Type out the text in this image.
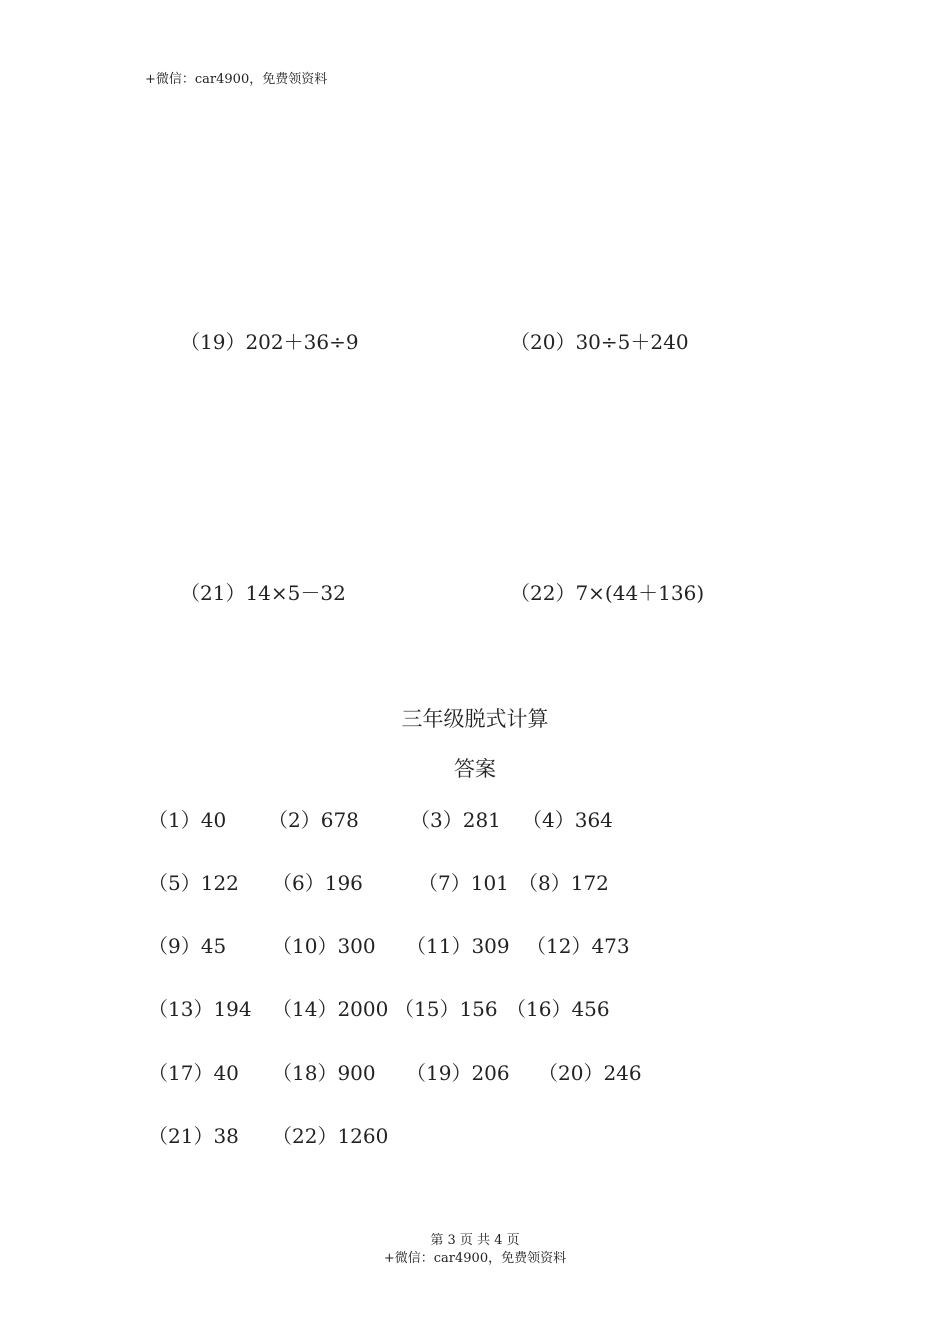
+微信：car4900，免费领资料
（19）202＋36÷9	（20）30÷5＋240
（21）14×5－32	（22）7×(44＋136)
三年级脱式计算
答案
（1）40 （2）678	（3）281 （4）364
（5）122 （6）196	（7）101 （8）172
（9）45 （10）300 （11）309 （12）473
（13）194 （14）2000 （15）156 （16）456
（17）40 （18）900 （19）206 （20）246
（21）38 （22）1260
第 3 页 共 4 页
+微信：car4900，免费领资料
